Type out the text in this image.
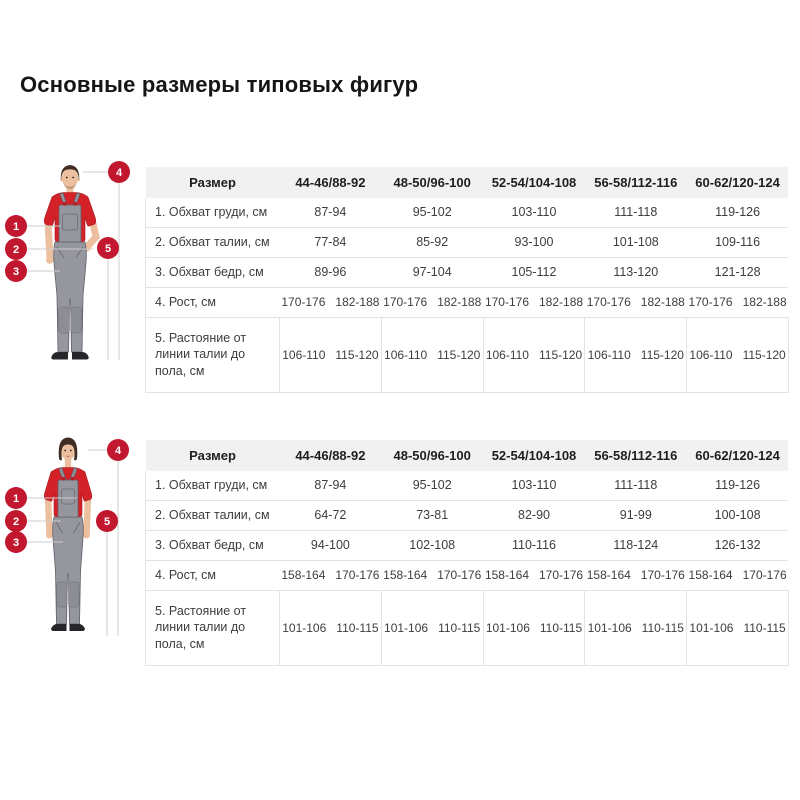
Основные размеры типовых фигур
1
2
3
4
5
Размер	44-46/88-92	48-50/96-100	52-54/104-108	56-58/112-116	60-62/120-124
1. Обхват груди, см	87-94	95-102	103-110	111-118	119-126
2. Обхват талии, см	77-84	85-92	93-100	101-108	109-116
3. Обхват бедр, см	89-96	97-104	105-112	113-120	121-128
4. Рост, см	170-176 182-188	170-176 182-188	170-176 182-188	170-176 182-188	170-176 182-188

5. Растояние от линии талии до пола, см	106-110 115-120	106-110 115-120	106-110 115-120	106-110 115-120	106-110 115-120
1
2
3
4
5
Размер	44-46/88-92	48-50/96-100	52-54/104-108	56-58/112-116	60-62/120-124
1. Обхват груди, см	87-94	95-102	103-110	111-118	119-126
2. Обхват талии, см	64-72	73-81	82-90	91-99	100-108
3. Обхват бедр, см	94-100	102-108	110-116	118-124	126-132
4. Рост, см	158-164 170-176	158-164 170-176	158-164 170-176	158-164 170-176	158-164 170-176

5. Растояние от линии талии до пола, см	101-106 110-115	101-106 110-115	101-106 110-115	101-106 110-115	101-106 110-115
